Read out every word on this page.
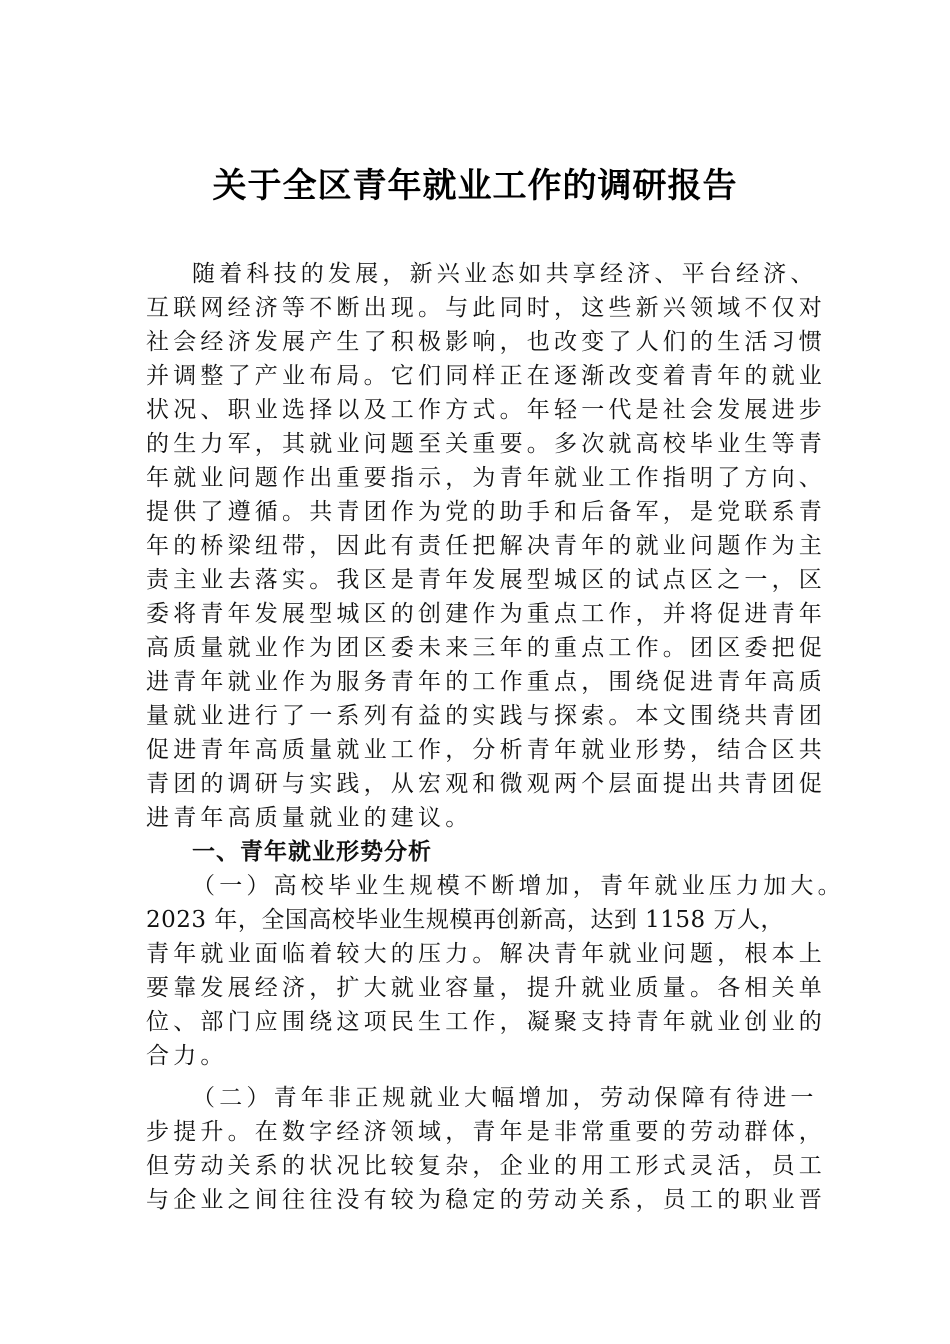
关于全区青年就业工作的调研报告
随着科技的发展，新兴业态如共享经济、平台经济、
互联网经济等不断出现。与此同时，这些新兴领域不仅对
社会经济发展产生了积极影响，也改变了人们的生活习惯
并调整了产业布局。它们同样正在逐渐改变着青年的就业
状况、职业选择以及工作方式。年轻一代是社会发展进步
的生力军，其就业问题至关重要。多次就高校毕业生等青
年就业问题作出重要指示，为青年就业工作指明了方向、
提供了遵循。共青团作为党的助手和后备军，是党联系青
年的桥梁纽带，因此有责任把解决青年的就业问题作为主
责主业去落实。我区是青年发展型城区的试点区之一，区
委将青年发展型城区的创建作为重点工作，并将促进青年
高质量就业作为团区委未来三年的重点工作。团区委把促
进青年就业作为服务青年的工作重点，围绕促进青年高质
量就业进行了一系列有益的实践与探索。本文围绕共青团
促进青年高质量就业工作，分析青年就业形势，结合区共
青团的调研与实践，从宏观和微观两个层面提出共青团促
进青年高质量就业的建议。
一、青年就业形势分析
（一）高校毕业生规模不断增加，青年就业压力加大。
2023 年，全国高校毕业生规模再创新高，达到 1158 万人，
青年就业面临着较大的压力。解决青年就业问题，根本上
要靠发展经济，扩大就业容量，提升就业质量。各相关单
位、部门应围绕这项民生工作，凝聚支持青年就业创业的
合力。
（二）青年非正规就业大幅增加，劳动保障有待进一
步提升。在数字经济领域，青年是非常重要的劳动群体，
但劳动关系的状况比较复杂，企业的用工形式灵活，员工
与企业之间往往没有较为稳定的劳动关系，员工的职业晋
